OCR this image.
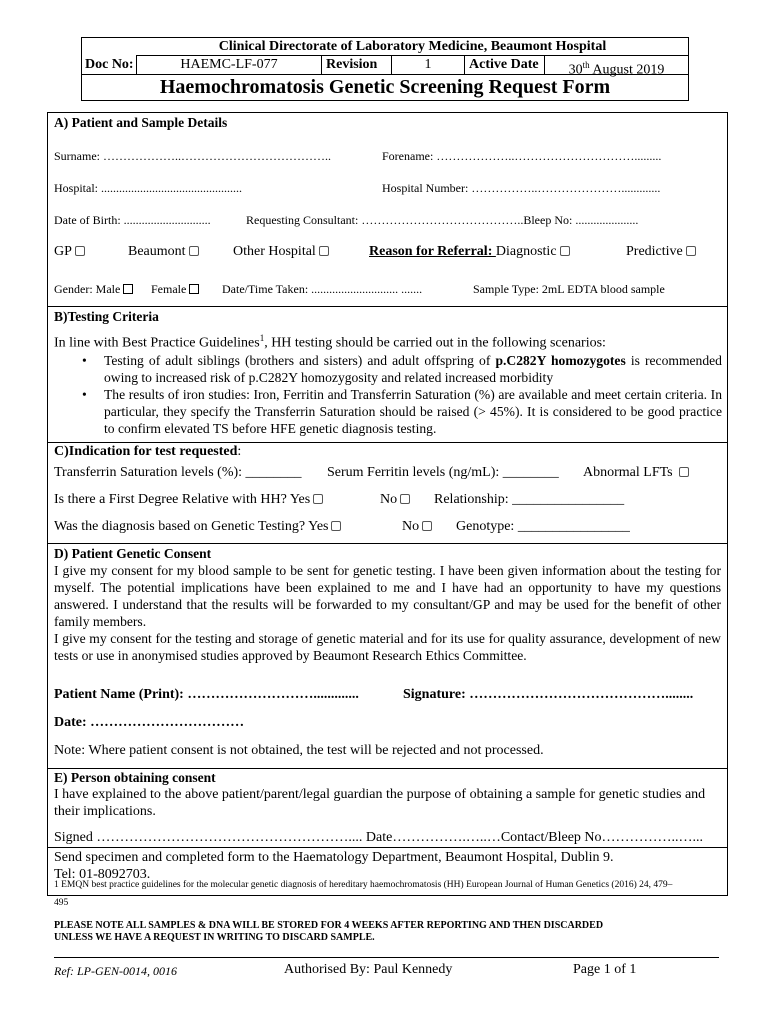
Clinical Directorate of Laboratory Medicine, Beaumont Hospital
Doc No:	HAEMC-LF-077	Revision	1	Active Date	30th August 2019
Haemochromatosis Genetic Screening Request Form
A) Patient and Sample Details
Surname: ………………..………………………………..	Forename: ………………..………………………….........
Hospital: ...............................................	Hospital Number: ……………..………………….............
Date of Birth: .............................	Requesting Consultant: …………………………………..Bleep No: .....................
GP	Beaumont	Other Hospital	Reason for Referral: Diagnostic	Predictive
Gender: Male	Female	Date/Time Taken: ............................. .......	Sample Type: 2mL EDTA blood sample
B)Testing Criteria

In line with Best Practice Guidelines$^1$, HH testing should be carried out in the following scenarios:

• Testing of adult siblings (brothers and sisters) and adult offspring of p.C282Y homozygotes is recommended owing to increased risk of p.C282Y homozygosity and related increased morbidity
• The results of iron studies: Iron, Ferritin and Transferrin Saturation (%) are available and meet certain criteria. In particular, they specify the Transferrin Saturation should be raised (> 45%). It is considered to be good practice to confirm elevated TS before HFE genetic diagnosis testing.
C)Indication for test requested:
Transferrin Saturation levels (%): ________ Serum Ferritin levels (ng/mL): ________ Abnormal LFTs
Is there a First Degree Relative with HH? Yes	No	Relationship: ________________
Was the diagnosis based on Genetic Testing? Yes	No	Genotype: ________________
D) Patient Genetic Consent

I give my consent for my blood sample to be sent for genetic testing. I have been given information about the testing for myself. The potential implications have been explained to me and I have had an opportunity to have my questions answered. I understand that the results will be forwarded to my consultant/GP and may be used for the benefit of other family members.

I give my consent for the testing and storage of genetic material and for its use for quality assurance, development of new tests or use in anonymised studies approved by Beaumont Research Ethics Committee.

Patient Name (Print): ……………………….............	Signature: ……………………………………........
Date: ……………………………
Note: Where patient consent is not obtained, the test will be rejected and not processed.
E) Person obtaining consent

I have explained to the above patient/parent/legal guardian the purpose of obtaining a sample for genetic studies and their implications.

Signed ……………………………………………….... Date…………….…..…Contact/Bleep No……………..…...
Send specimen and completed form to the Haematology Department, Beaumont Hospital, Dublin 9.
Tel: 01-8092703.
1 EMQN best practice guidelines for the molecular genetic diagnosis of hereditary haemochromatosis (HH) European Journal of Human Genetics (2016) 24, 479–
495
PLEASE NOTE ALL SAMPLES & DNA WILL BE STORED FOR 4 WEEKS AFTER REPORTING AND THEN DISCARDED
UNLESS WE HAVE A REQUEST IN WRITING TO DISCARD SAMPLE.
Ref: LP-GEN-0014, 0016	Authorised By: Paul Kennedy	Page 1 of 1
